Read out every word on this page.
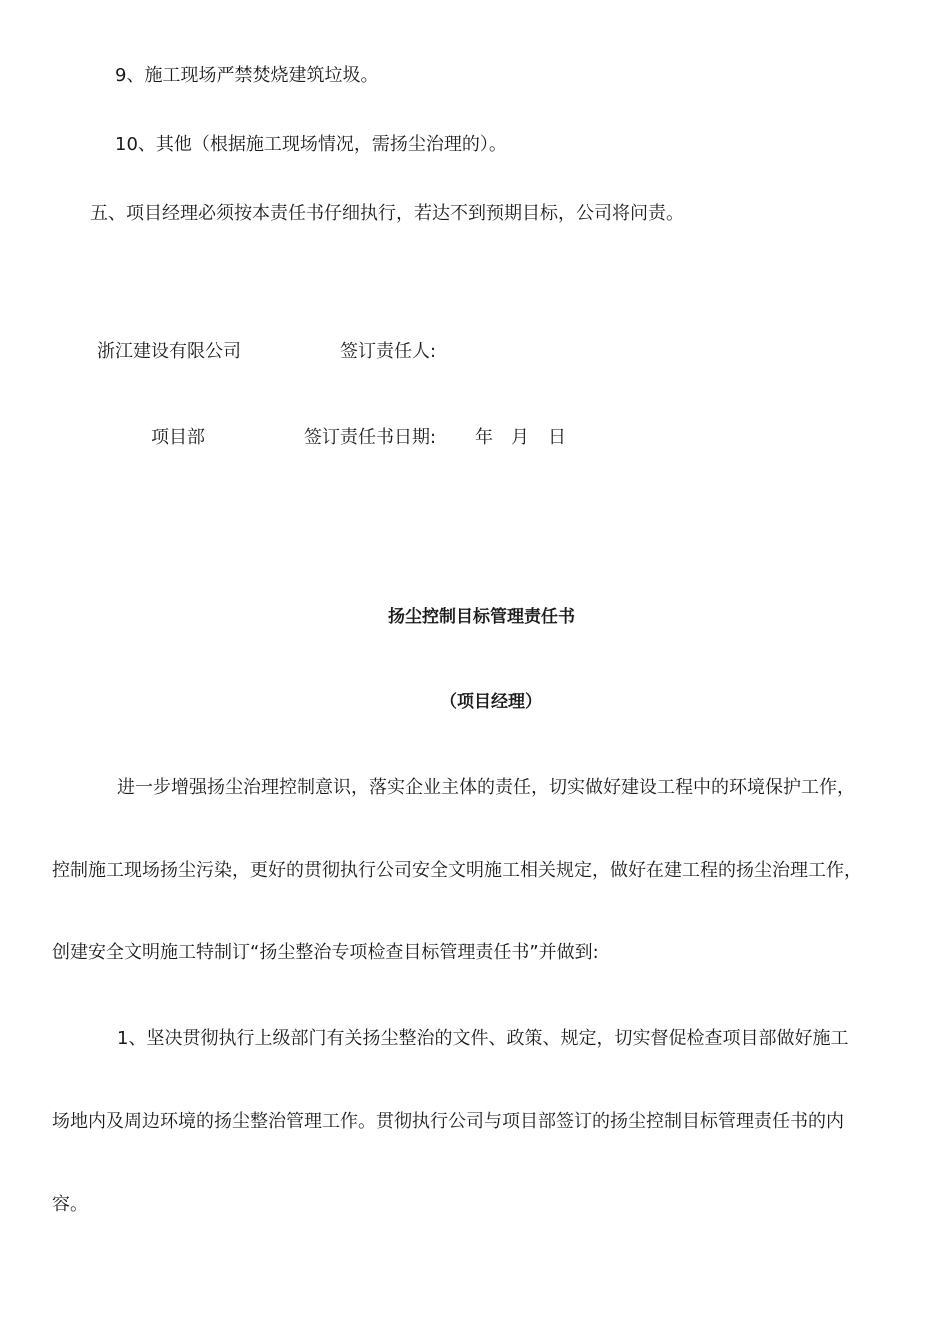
9、施工现场严禁焚烧建筑垃圾。
10、其他（根据施工现场情况，需扬尘治理的）。
五、项目经理必须按本责任书仔细执行，若达不到预期目标，公司将问责。
浙江建设有限公司	签订责任人:
项目部	签订责任书日期: 年 月 日
扬尘控制目标管理责任书
（项目经理）
进一步增强扬尘治理控制意识，落实企业主体的责任，切实做好建设工程中的环境保护工作，
控制施工现场扬尘污染，更好的贯彻执行公司安全文明施工相关规定，做好在建工程的扬尘治理工作，
创建安全文明施工特制订“扬尘整治专项检查目标管理责任书”并做到:
1、坚决贯彻执行上级部门有关扬尘整治的文件、政策、规定，切实督促检查项目部做好施工
场地内及周边环境的扬尘整治管理工作。贯彻执行公司与项目部签订的扬尘控制目标管理责任书的内
容。
